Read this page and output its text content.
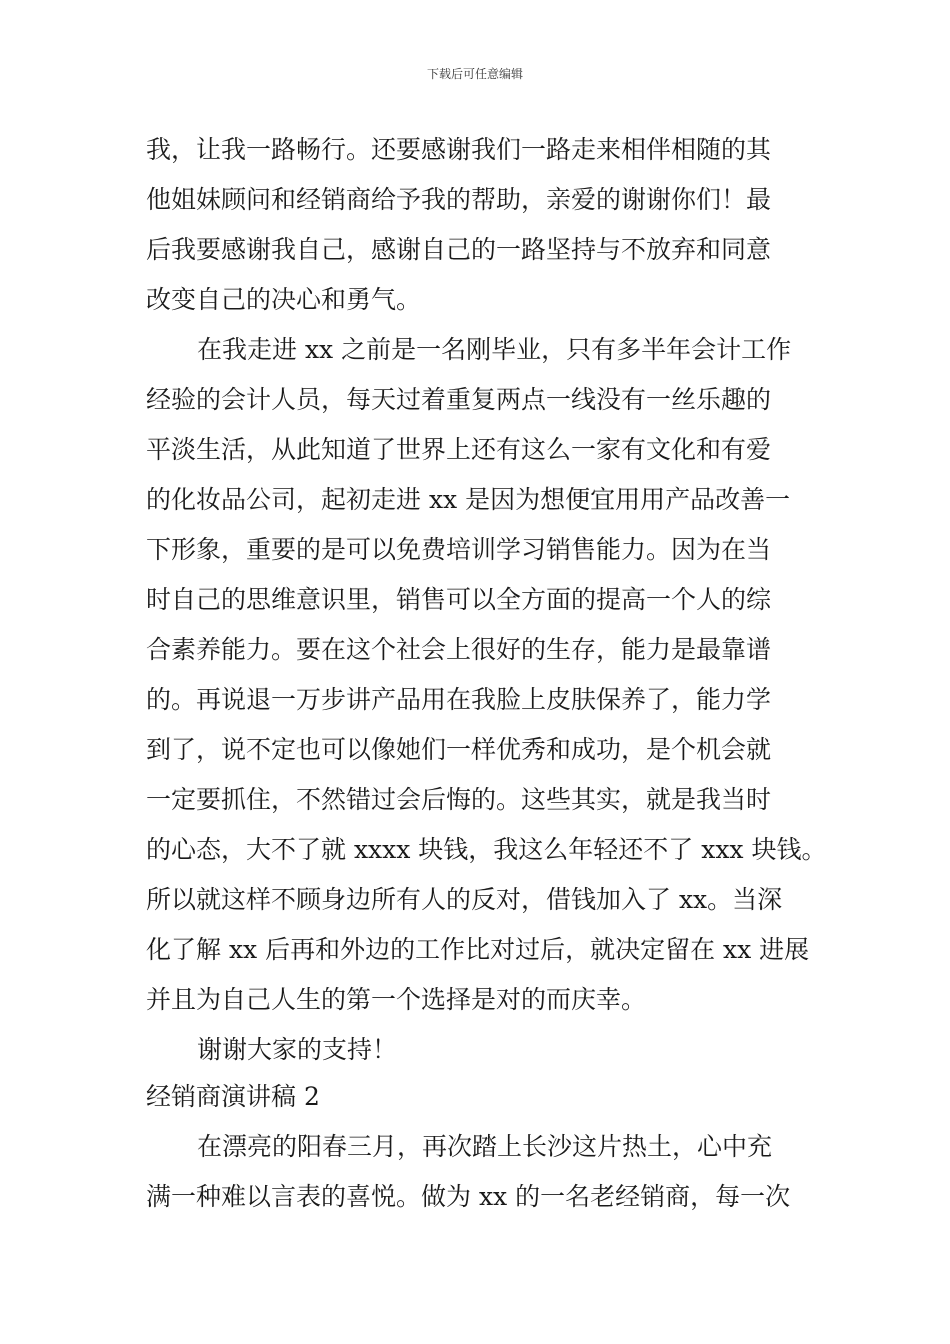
下载后可任意编辑

我，让我一路畅行。还要感谢我们一路走来相伴相随的其

他姐妹顾问和经销商给予我的帮助，亲爱的谢谢你们！最

后我要感谢我自己，感谢自己的一路坚持与不放弃和同意

改变自己的决心和勇气。

在我走进 xx 之前是一名刚毕业，只有多半年会计工作

经验的会计人员，每天过着重复两点一线没有一丝乐趣的

平淡生活，从此知道了世界上还有这么一家有文化和有爱

的化妆品公司，起初走进 xx 是因为想便宜用用产品改善一

下形象，重要的是可以免费培训学习销售能力。因为在当

时自己的思维意识里，销售可以全方面的提高一个人的综

合素养能力。要在这个社会上很好的生存，能力是最靠谱

的。再说退一万步讲产品用在我脸上皮肤保养了，能力学

到了，说不定也可以像她们一样优秀和成功，是个机会就

一定要抓住，不然错过会后悔的。这些其实，就是我当时

的心态，大不了就 xxxx 块钱，我这么年轻还不了 xxx 块钱。

所以就这样不顾身边所有人的反对，借钱加入了 xx。当深

化了解 xx 后再和外边的工作比对过后，就决定留在 xx 进展

并且为自己人生的第一个选择是对的而庆幸。

谢谢大家的支持！

经销商演讲稿 2

在漂亮的阳春三月，再次踏上长沙这片热土，心中充

满一种难以言表的喜悦。做为 xx 的一名老经销商，每一次
